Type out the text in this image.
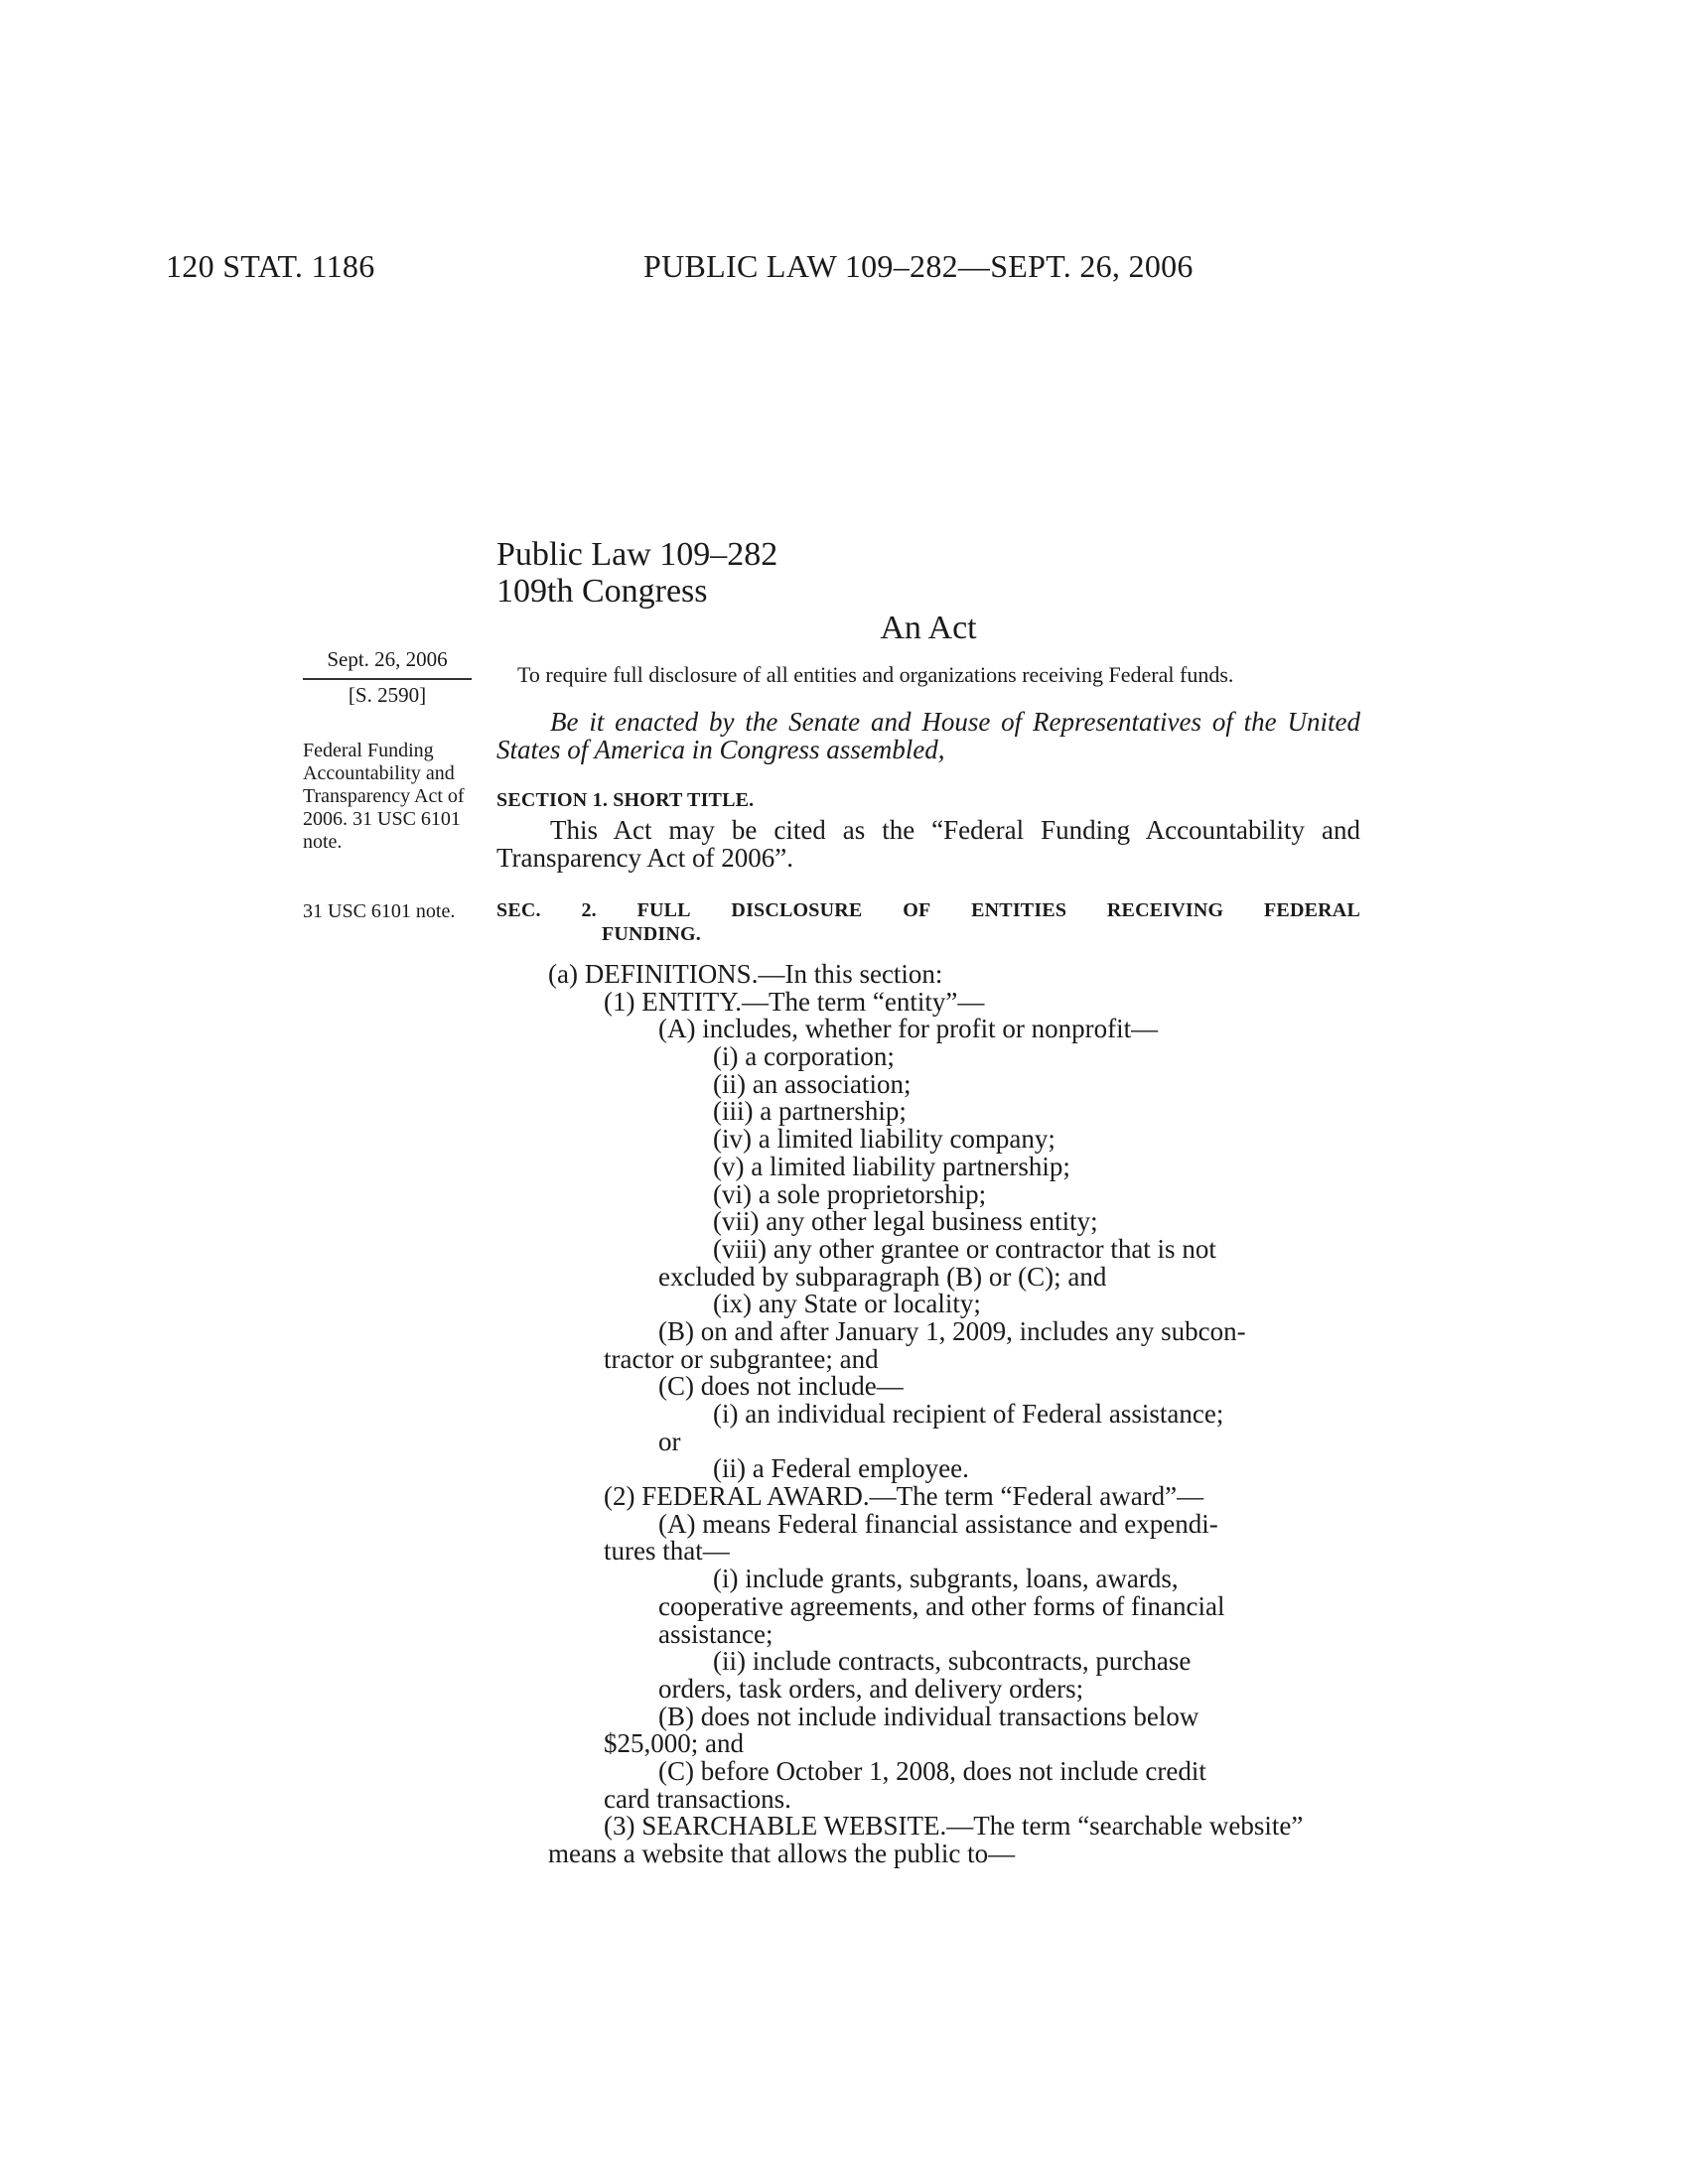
120 STAT. 1186	PUBLIC LAW 109–282—SEPT. 26, 2006
Public Law 109–282
109th Congress
An Act
Sept. 26, 2006
[S. 2590]
Federal Funding Accountability and Transparency Act of 2006. 31 USC 6101 note.
31 USC 6101 note.
To require full disclosure of all entities and organizations receiving Federal funds.
Be it enacted by the Senate and House of Representatives of the United States of America in Congress assembled,
SECTION 1. SHORT TITLE.
This Act may be cited as the “Federal Funding Accountability and Transparency Act of 2006”.
SEC. 2. FULL DISCLOSURE OF ENTITIES RECEIVING FEDERAL
FUNDING.
(a) DEFINITIONS.—In this section:
(1) ENTITY.—The term “entity”—
(A) includes, whether for profit or nonprofit—
(i) a corporation;
(ii) an association;
(iii) a partnership;
(iv) a limited liability company;
(v) a limited liability partnership;
(vi) a sole proprietorship;
(vii) any other legal business entity;
(viii) any other grantee or contractor that is not
excluded by subparagraph (B) or (C); and
(ix) any State or locality;
(B) on and after January 1, 2009, includes any subcon-
tractor or subgrantee; and
(C) does not include—
(i) an individual recipient of Federal assistance;
or
(ii) a Federal employee.
(2) FEDERAL AWARD.—The term “Federal award”—
(A) means Federal financial assistance and expendi-
tures that—
(i) include grants, subgrants, loans, awards,
cooperative agreements, and other forms of financial
assistance;
(ii) include contracts, subcontracts, purchase
orders, task orders, and delivery orders;
(B) does not include individual transactions below
$25,000; and
(C) before October 1, 2008, does not include credit
card transactions.
(3) SEARCHABLE WEBSITE.—The term “searchable website”
means a website that allows the public to—
